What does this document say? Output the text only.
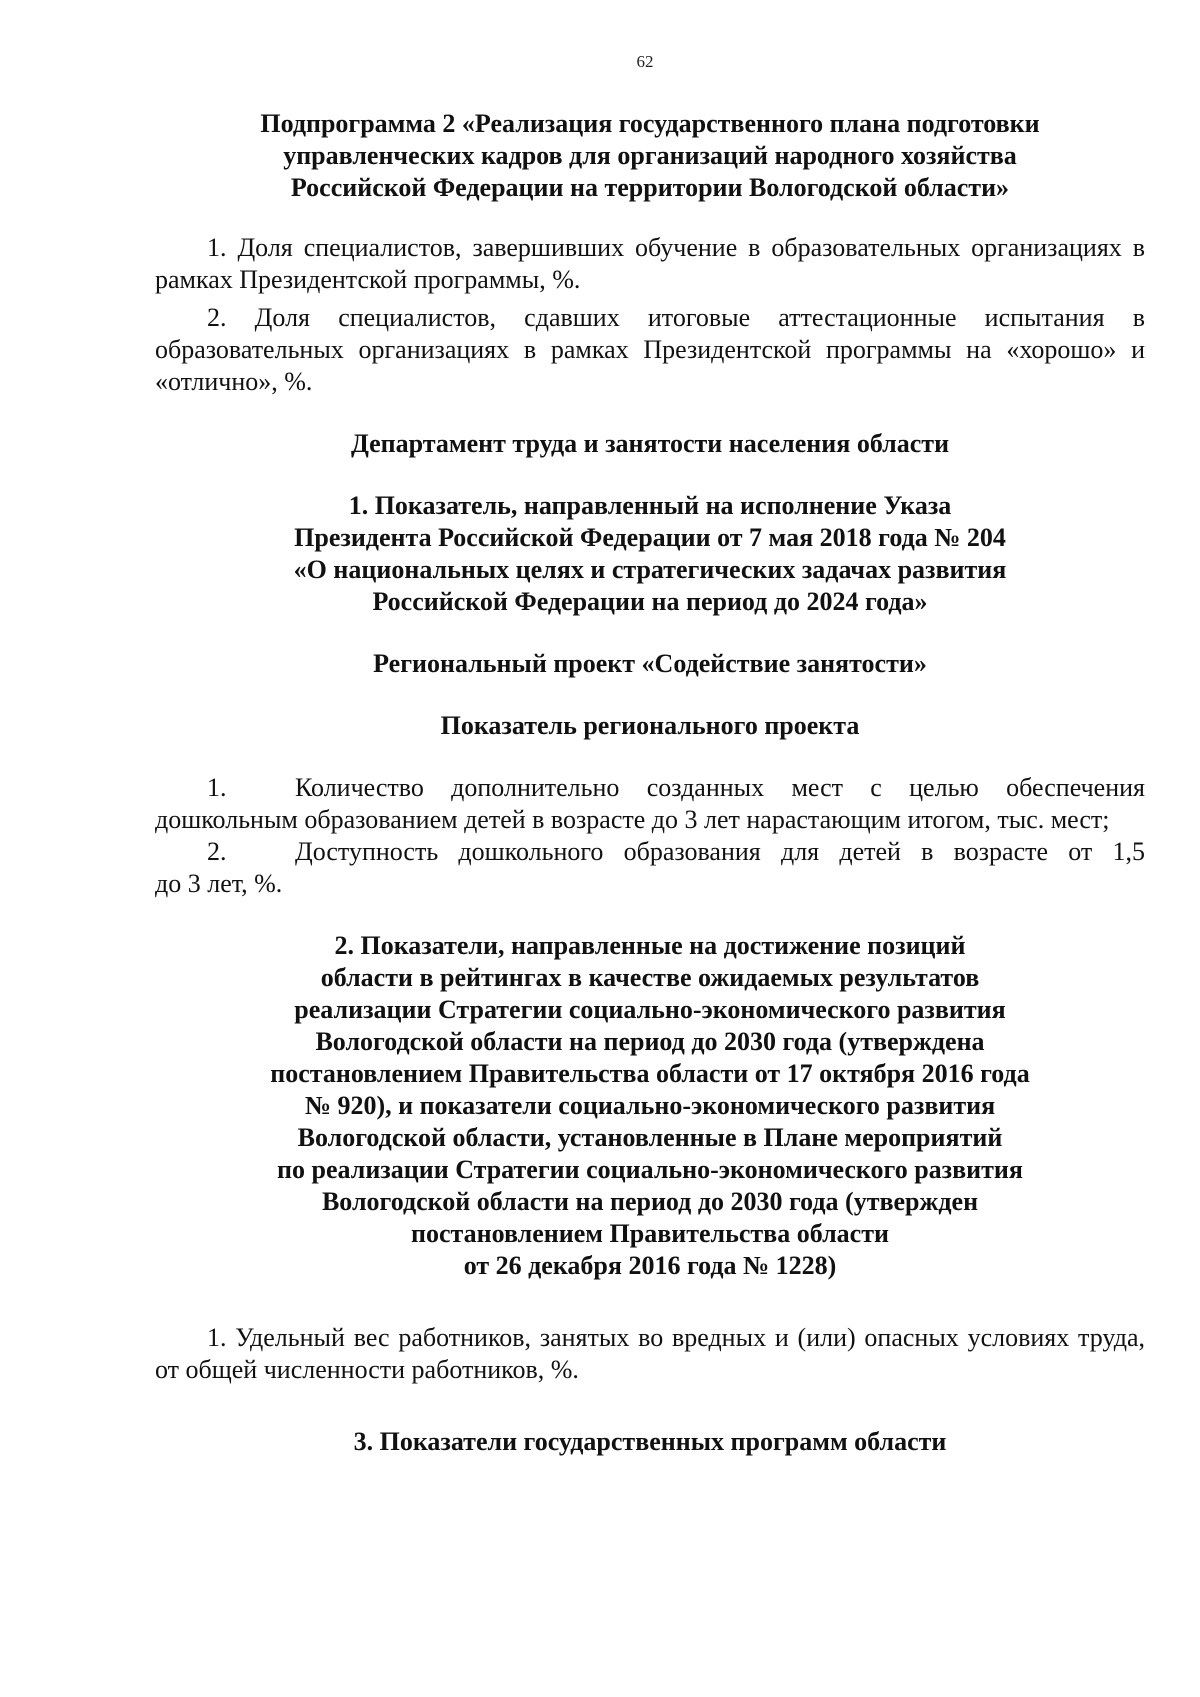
62
Подпрограмма 2 «Реализация государственного плана подготовки
управленческих кадров для организаций народного хозяйства
Российской Федерации на территории Вологодской области»

1. Доля специалистов, завершивших обучение в образовательных организациях в рамках Президентской программы, %.

2. Доля специалистов, сдавших итоговые аттестационные испытания в образовательных организациях в рамках Президентской программы на «хорошо» и «отлично», %.

Департамент труда и занятости населения области
1. Показатель, направленный на исполнение Указа
Президента Российской Федерации от 7 мая 2018 года № 204
«О национальных целях и стратегических задачах развития
Российской Федерации на период до 2024 года»
Региональный проект «Содействие занятости»
Показатель регионального проекта
1.	Количество дополнительно созданных мест с целью обеспечения
дошкольным образованием детей в возрасте до 3 лет нарастающим итогом, тыс. мест;
2.	Доступность дошкольного образования для детей в возрасте от 1,5
до 3 лет, %.
2. Показатели, направленные на достижение позиций
области в рейтингах в качестве ожидаемых результатов
реализации Стратегии социально-экономического развития
Вологодской области на период до 2030 года (утверждена
постановлением Правительства области от 17 октября 2016 года
№ 920), и показатели социально-экономического развития
Вологодской области, установленные в Плане мероприятий
по реализации Стратегии социально-экономического развития
Вологодской области на период до 2030 года (утвержден
постановлением Правительства области
от 26 декабря 2016 года № 1228)

1. Удельный вес работников, занятых во вредных и (или) опасных условиях труда, от общей численности работников, %.

3. Показатели государственных программ области
